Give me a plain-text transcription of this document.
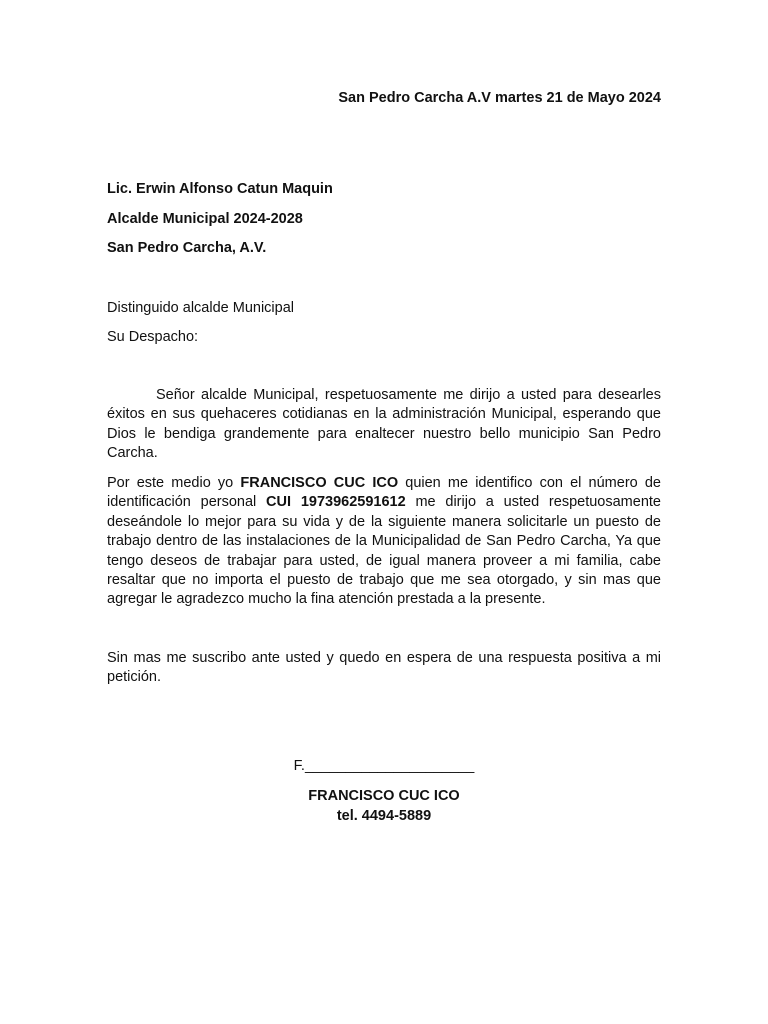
San Pedro Carcha A.V martes 21 de Mayo 2024
Lic. Erwin Alfonso Catun Maquin
Alcalde Municipal 2024-2028
San Pedro Carcha, A.V.
Distinguido alcalde Municipal
Su Despacho:

Señor alcalde Municipal, respetuosamente me dirijo a usted para desearles éxitos en sus quehaceres cotidianas en la administración Municipal, esperando que Dios le bendiga grandemente para enaltecer nuestro bello municipio San Pedro Carcha.

Por este medio yo FRANCISCO CUC ICO quien me identifico con el número de identificación personal CUI 1973962591612 me dirijo a usted respetuosamente deseándole lo mejor para su vida y de la siguiente manera solicitarle un puesto de trabajo dentro de las instalaciones de la Municipalidad de San Pedro Carcha, Ya que tengo deseos de trabajar para usted, de igual manera proveer a mi familia, cabe resaltar que no importa el puesto de trabajo que me sea otorgado, y sin mas que agregar le agradezco mucho la fina atención prestada a la presente.

Sin mas me suscribo ante usted y quedo en espera de una respuesta positiva a mi petición.

F._____________________
FRANCISCO CUC ICO
tel. 4494-5889
